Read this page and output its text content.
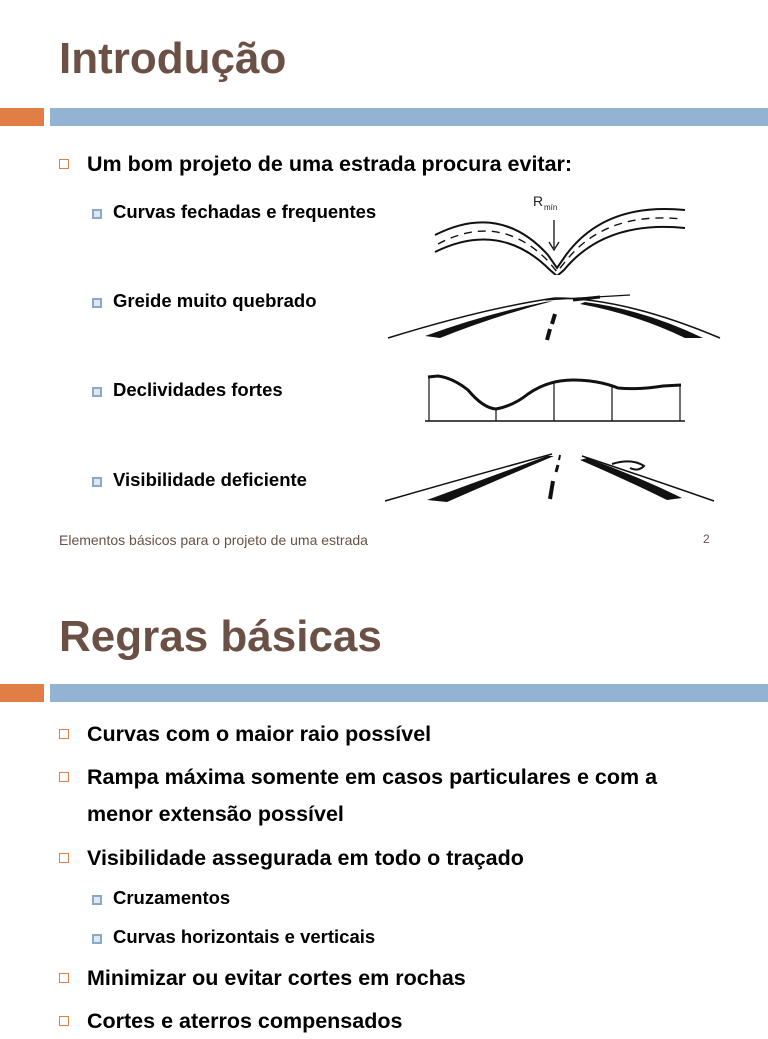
Introdução
Um bom projeto de uma estrada procura evitar:
Curvas fechadas e frequentes
Greide muito quebrado
Declividades fortes
Visibilidade deficiente
R mín
Elementos básicos para o projeto de uma estrada	2
Regras básicas
Curvas com o maior raio possível
Rampa máxima somente em casos particulares e com a
menor extensão possível
Visibilidade assegurada em todo o traçado
Cruzamentos
Curvas horizontais e verticais
Minimizar ou evitar cortes em rochas
Cortes e aterros compensados
